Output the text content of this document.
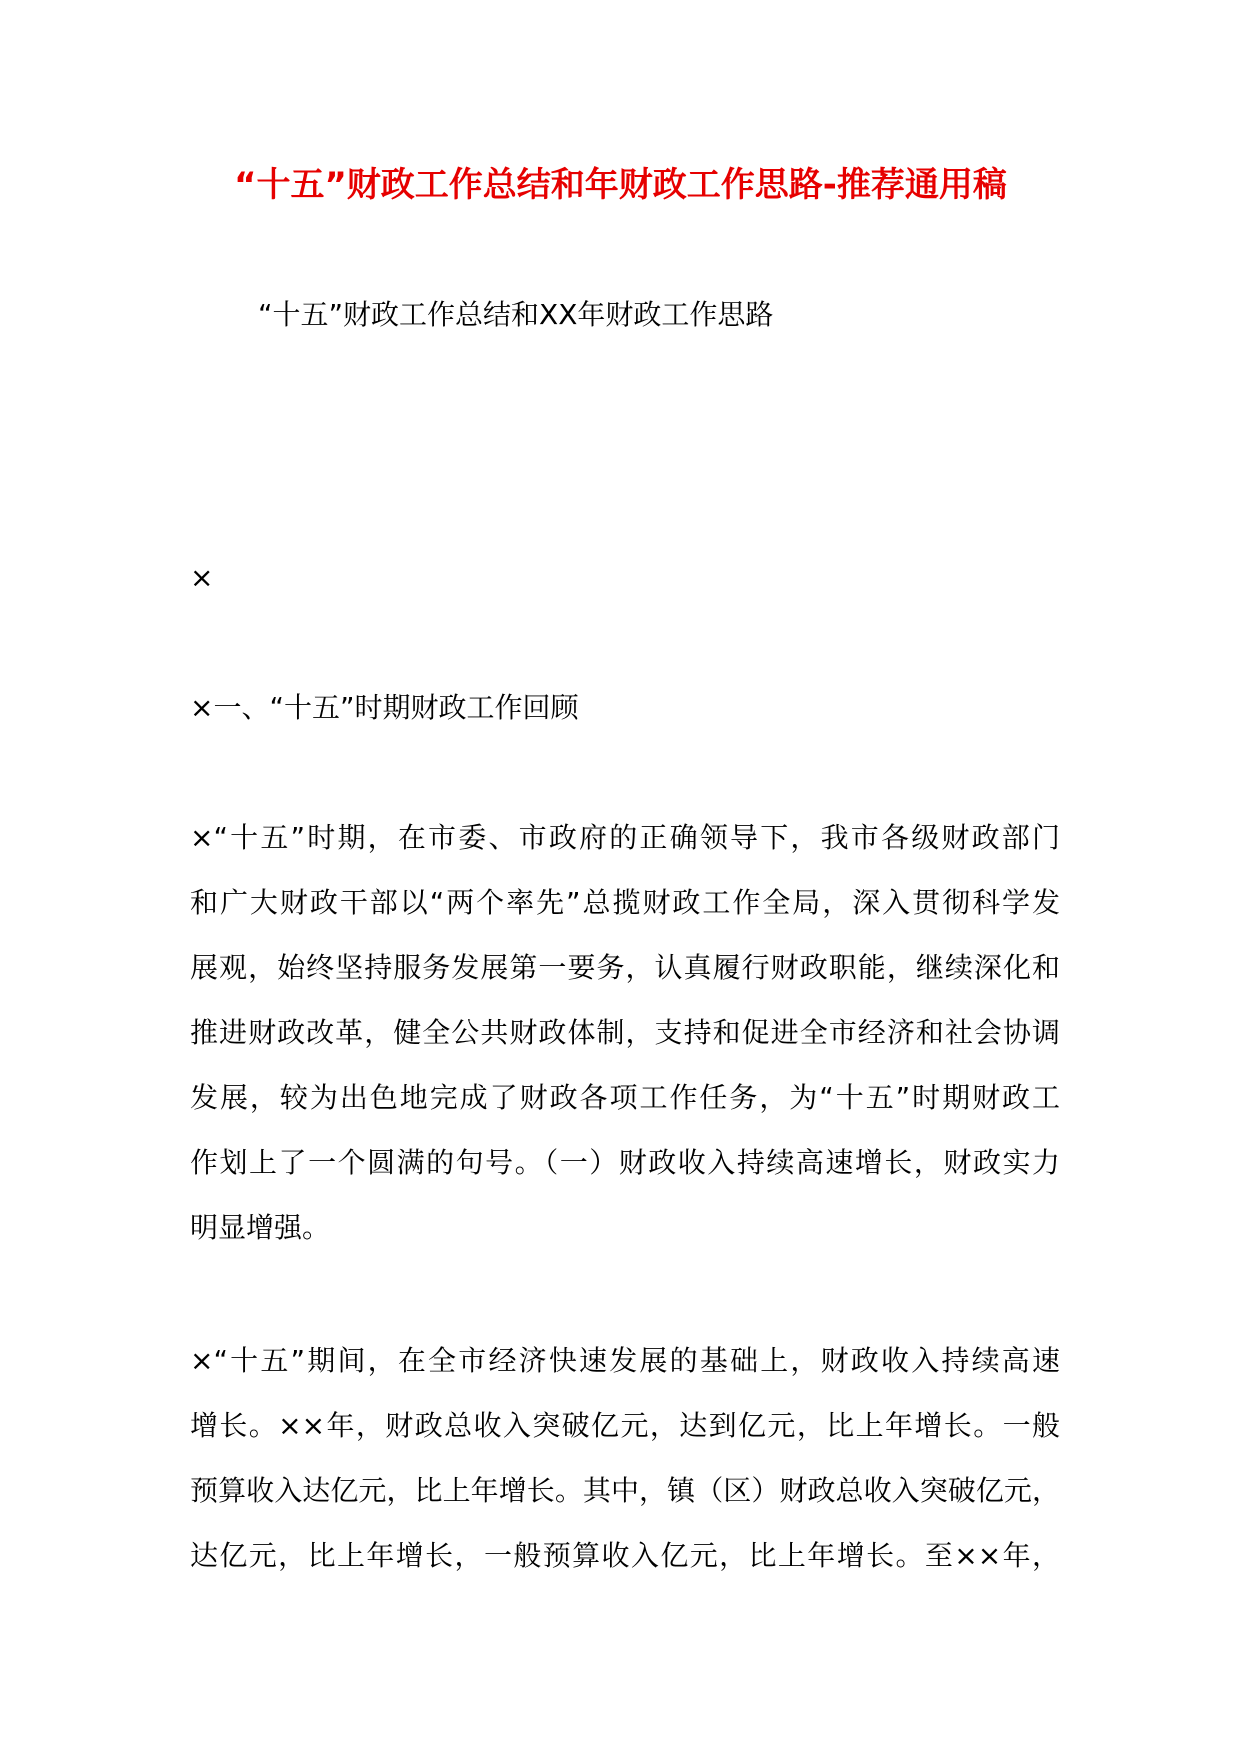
“十五”财政工作总结和年财政工作思路-推荐通用稿

“十五”财政工作总结和XX年财政工作思路

×

×一、“十五”时期财政工作回顾

×“十五”时期，在市委、市政府的正确领导下，我市各级财政部门
和广大财政干部以“两个率先”总揽财政工作全局，深入贯彻科学发
展观，始终坚持服务发展第一要务，认真履行财政职能，继续深化和
推进财政改革，健全公共财政体制，支持和促进全市经济和社会协调
发展，较为出色地完成了财政各项工作任务，为“十五”时期财政工
作划上了一个圆满的句号。（一）财政收入持续高速增长，财政实力
明显增强。
×“十五”期间，在全市经济快速发展的基础上，财政收入持续高速
增长。××年，财政总收入突破亿元，达到亿元，比上年增长。一般
预算收入达亿元，比上年增长。其中，镇（区）财政总收入突破亿元，
达亿元，比上年增长，一般预算收入亿元，比上年增长。至××年，
